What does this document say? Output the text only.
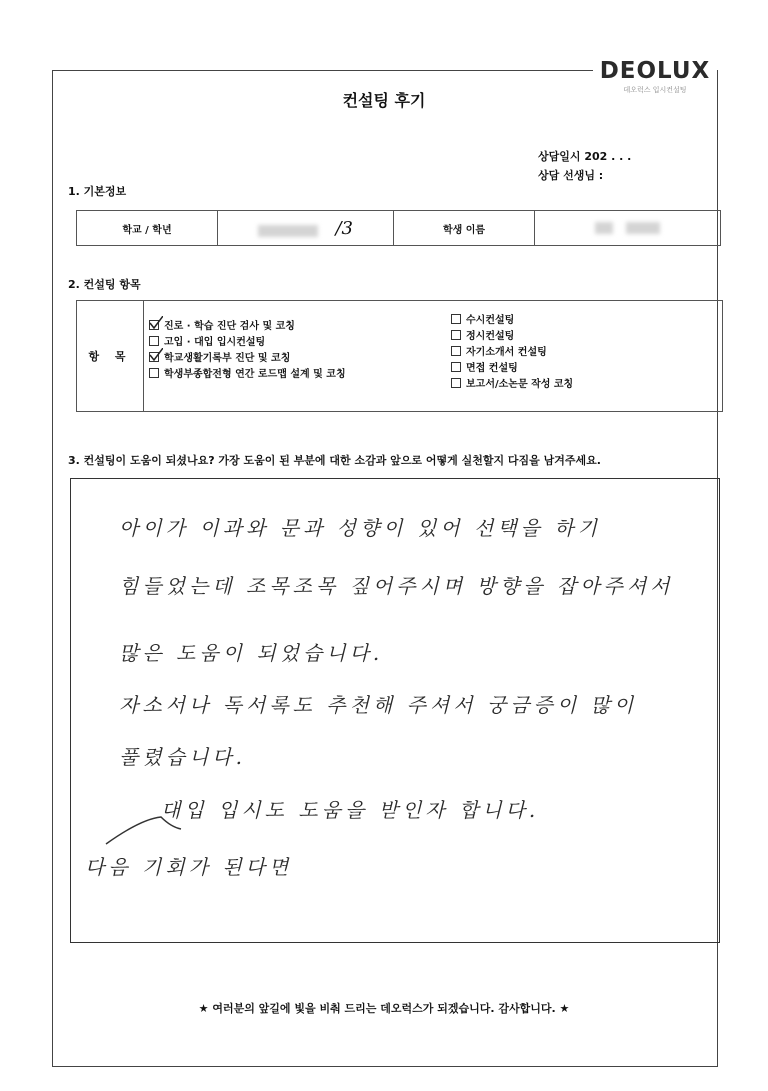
DEOLUX
데오럭스 입시컨설팅
컨설팅 후기
상담일시 202 . . .
상담 선생님 :
1. 기본정보
학교 / 학년	/3	학생 이름	
2. 컨설팅 항목
항 목
진로 · 학습 진단 검사 및 코칭
고입 · 대입 입시컨설팅
학교생활기록부 진단 및 코칭
학생부종합전형 연간 로드맵 설계 및 코칭
수시컨설팅
정시컨설팅
자기소개서 컨설팅
면접 컨설팅
보고서/소논문 작성 코칭
3. 컨설팅이 도움이 되셨나요? 가장 도움이 된 부분에 대한 소감과 앞으로 어떻게 실천할지 다짐을 남겨주세요.
아이가 이과와 문과 성향이 있어 선택을 하기
힘들었는데 조목조목 짚어주시며 방향을 잡아주셔서
많은 도움이 되었습니다.
자소서나 독서록도 추천해 주셔서 궁금증이 많이
풀렸습니다.
대입 입시도 도움을 받인자 합니다.
다음 기회가 된다면
★ 여러분의 앞길에 빛을 비춰 드리는 데오럭스가 되겠습니다. 감사합니다. ★
